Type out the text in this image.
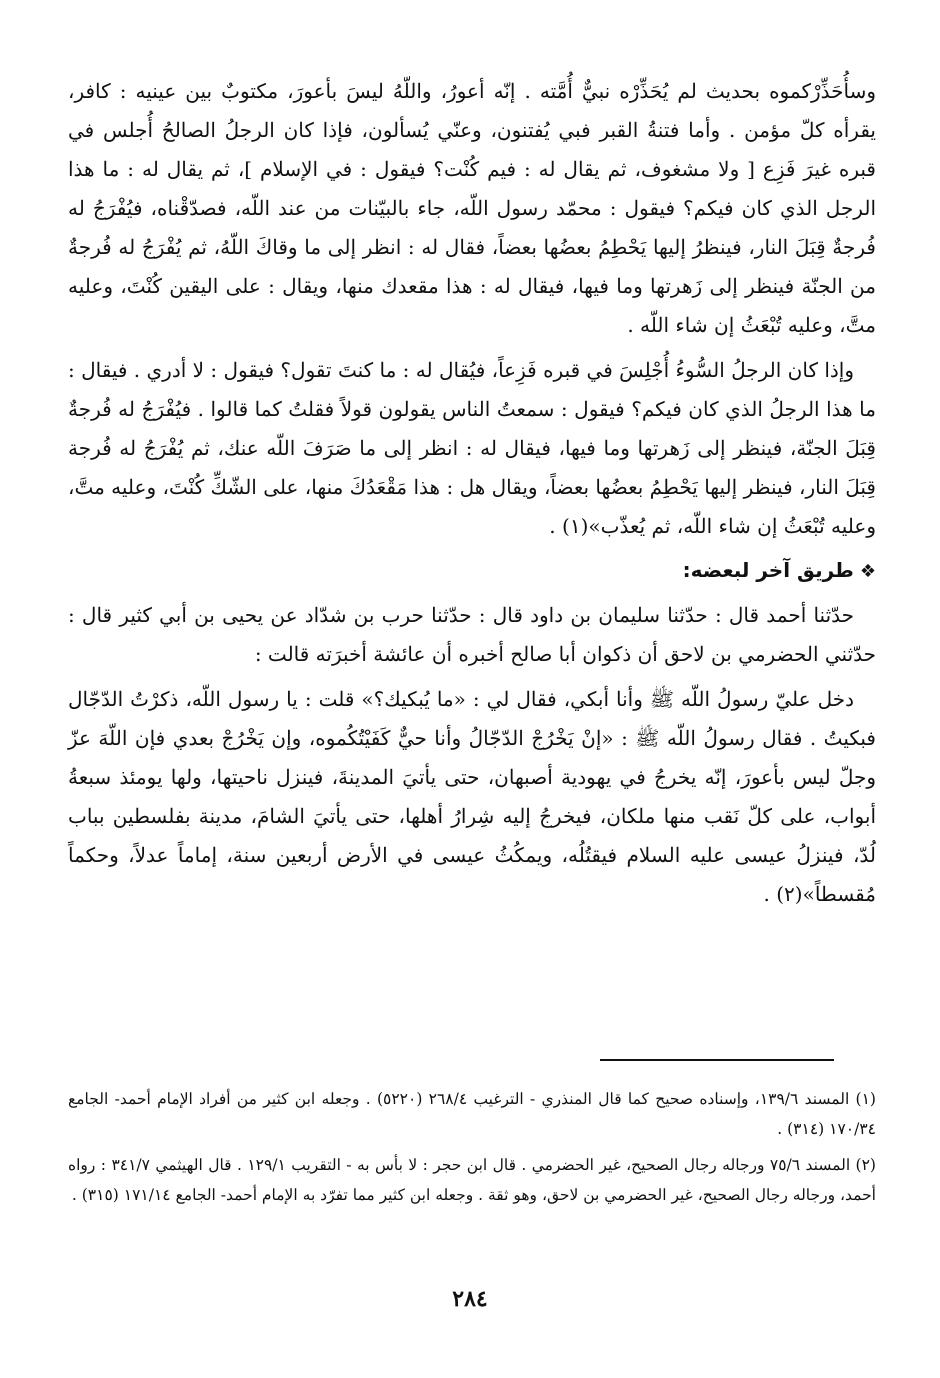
وسأُحَذِّرْكموه بحديث لم يُحَذِّرْه نبيٌّ أُمَّته . إنّه أعورُ، واللّهُ ليسَ بأعورَ، مكتوبٌ بين عينيه : كافر، يقرأه كلّ مؤمن . وأما فتنةُ القبر فبي يُفتنون، وعنّي يُسألون، فإذا كان الرجلُ الصالحُ أُجلس في قبره غيرَ فَزِع [ ولا مشغوف، ثم يقال له : فيم كُنْت؟ فيقول : في الإسلام ]، ثم يقال له : ما هذا الرجل الذي كان فيكم؟ فيقول : محمّد رسول اللّه، جاء بالبيّنات من عند اللّه، فصدّقْناه، فيُفْرَجُ له فُرجةٌ قِبَلَ النار، فينظرُ إليها يَحْطِمُ بعضُها بعضاً، فقال له : انظر إلى ما وقاكَ اللّهُ، ثم يُفْرَجُ له فُرجةٌ من الجنّة فينظر إلى زَهرتها وما فيها، فيقال له : هذا مقعدك منها، ويقال : على اليقين كُنْتَ، وعليه متَّ، وعليه تُبْعَثُ إن شاء اللّه .

وإذا كان الرجلُ السُّوءُ أُجْلِسَ في قبره فَزِعاً، فيُقال له : ما كنتَ تقول؟ فيقول : لا أدري . فيقال : ما هذا الرجلُ الذي كان فيكم؟ فيقول : سمعتُ الناس يقولون قولاً فقلتُ كما قالوا . فيُفْرَجُ له فُرجةٌ قِبَلَ الجنّة، فينظر إلى زَهرتها وما فيها، فيقال له : انظر إلى ما صَرَفَ اللّه عنك، ثم يُفْرَجُ له فُرجة قِبَلَ النار، فينظر إليها يَحْطِمُ بعضُها بعضاً، ويقال هل : هذا مَقْعَدُكَ منها، على الشّكِّ كُنْتَ، وعليه متَّ، وعليه تُبْعَثُ إن شاء اللّه، ثم يُعذّب»(١) .

❖طريق آخر لبعضه:

حدّثنا أحمد قال : حدّثنا سليمان بن داود قال : حدّثنا حرب بن شدّاد عن يحيى بن أبي كثير قال : حدّثني الحضرمي بن لاحق أن ذكوان أبا صالح أخبره أن عائشة أخبرَته قالت :

دخل عليّ رسولُ اللّه ﷺ وأنا أبكي، فقال لي : «ما يُبكيك؟» قلت : يا رسول اللّه، ذكرْتُ الدّجّال فبكيتُ . فقال رسولُ اللّه ﷺ : «إنْ يَخْرُجْ الدّجّالُ وأنا حيٌّ كَفَيْتُكُموه، وإن يَخْرُجْ بعدي فإن اللّهَ عزّ وجلّ ليس بأعورَ، إنّه يخرجُ في يهودية أصبهان، حتى يأتيَ المدينةَ، فينزل ناحيتها، ولها يومئذ سبعةُ أبواب، على كلّ نَقب منها ملكان، فيخرجُ إليه شِرارُ أهلها، حتى يأتيَ الشامَ، مدينة بفلسطين بباب لُدّ، فينزلُ عيسى عليه السلام فيقتُلُه، ويمكُثُ عيسى في الأرض أربعين سنة، إماماً عدلاً، وحكماً مُقسطاً»(٢) .

(١) المسند ١٣٩/٦، وإسناده صحيح كما قال المنذري - الترغيب ٢٦٨/٤ (٥٢٢٠) . وجعله ابن كثير من أفراد الإمام أحمد- الجامع ١٧٠/٣٤ (٣١٤) .

(٢) المسند ٧٥/٦ ورجاله رجال الصحيح، غير الحضرمي . قال ابن حجر : لا بأس به - التقريب ١٢٩/١ . قال الهيثمي ٣٤١/٧ : رواه أحمد، ورجاله رجال الصحيح، غير الحضرمي بن لاحق، وهو ثقة . وجعله ابن كثير مما تفرّد به الإمام أحمد- الجامع ١٧١/١٤ (٣١٥) .

٢٨٤
